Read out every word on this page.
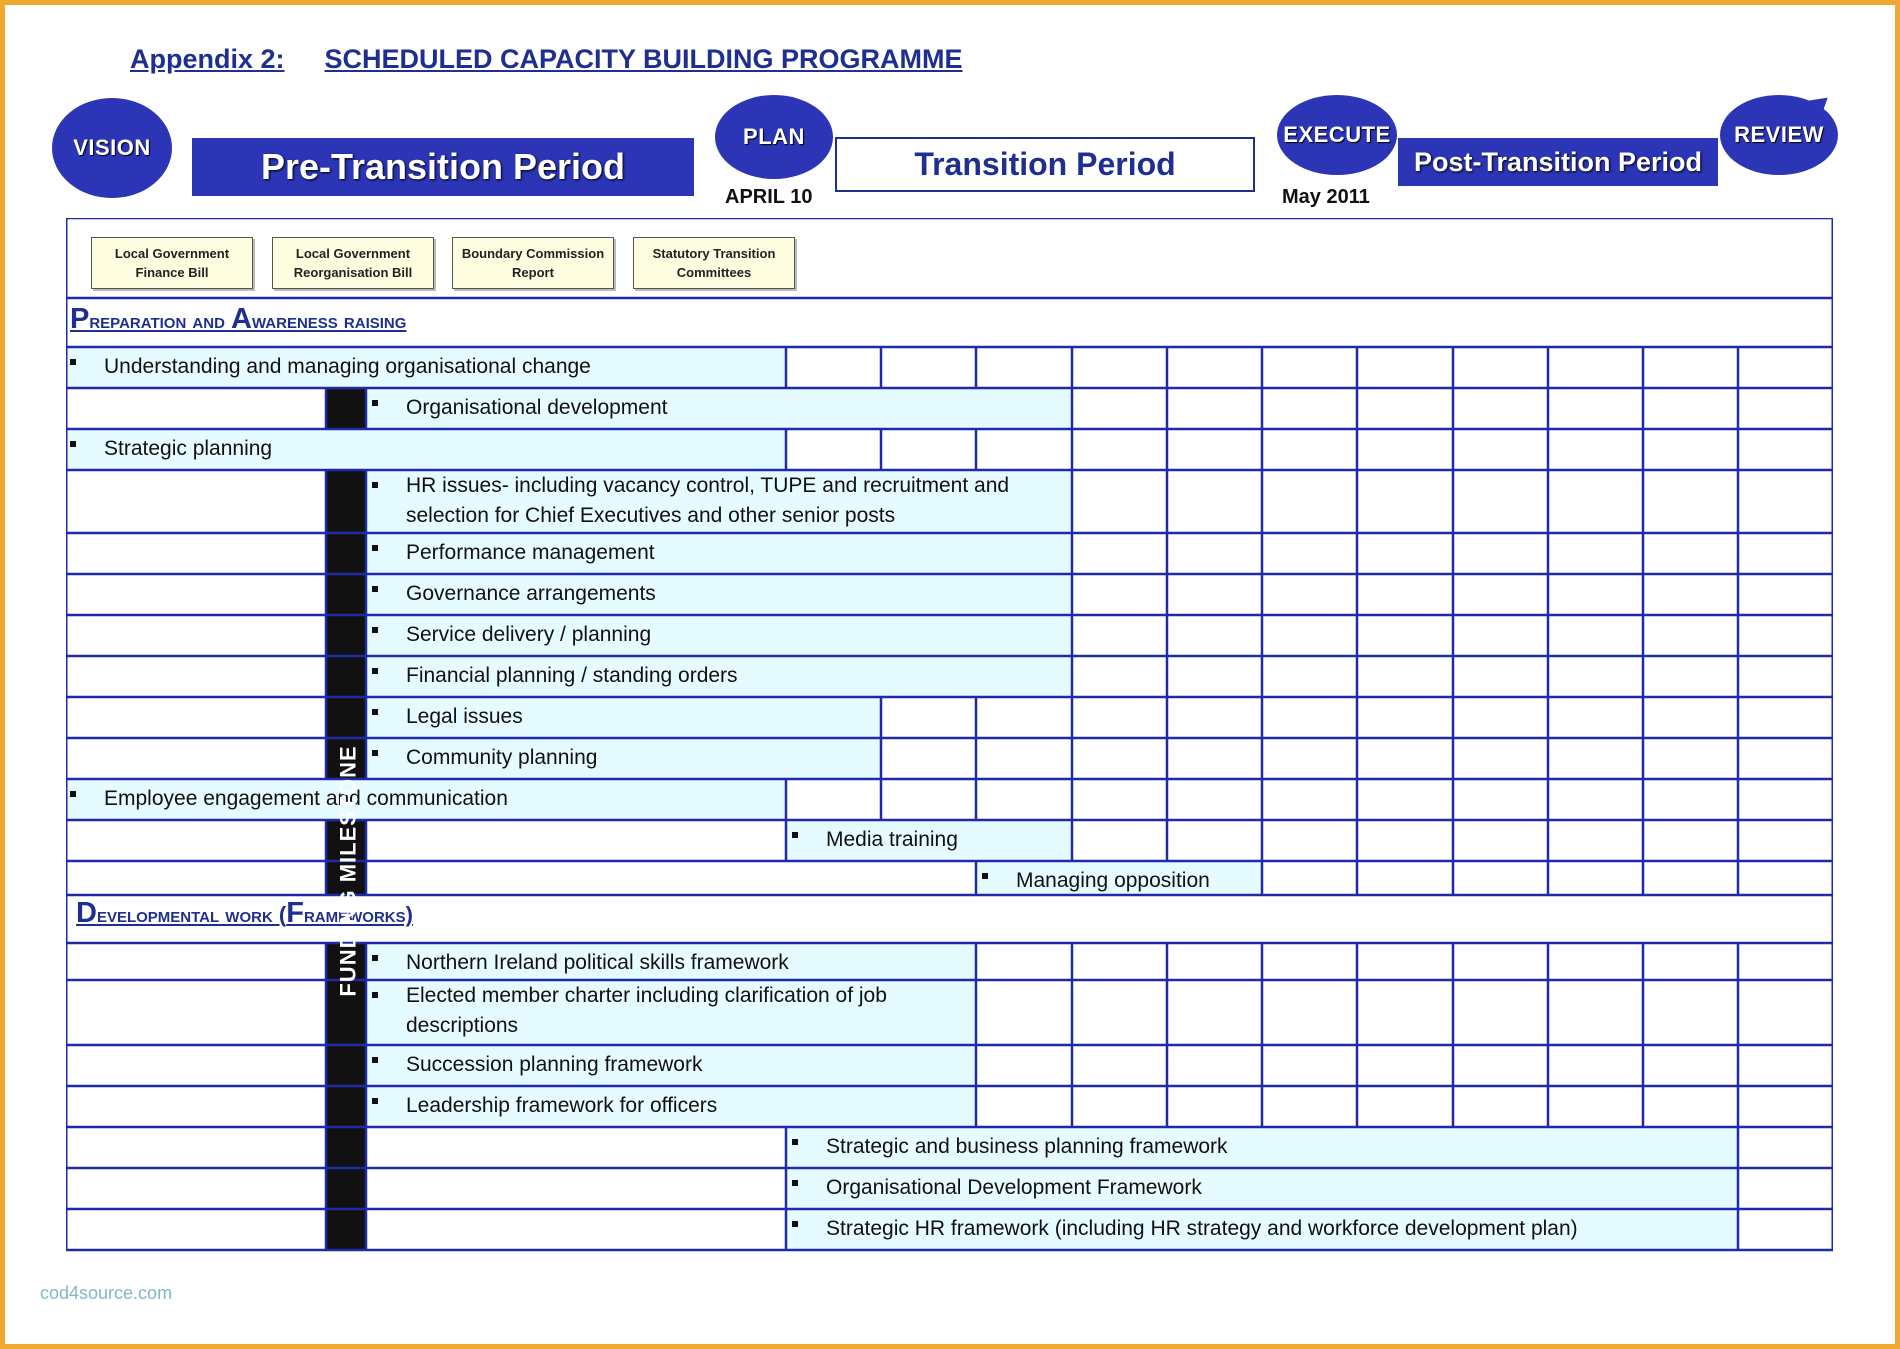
Appendix 2: SCHEDULED CAPACITY BUILDING PROGRAMME
VISION	Pre-Transition Period
PLAN
APRIL 10
Transition Period
EXECUTE
May 2011
Post-Transition Period
REVIEW
Local Government Finance Bill
Local Government Reorganisation Bill
Boundary Commission Report
Statutory Transition Committees
Preparation and Awareness raising
Developmental work (Frameworks)
Understanding and managing organisational change
Organisational development
Strategic planning
HR issues- including vacancy control, TUPE and recruitment and selection for Chief Executives and other senior posts
Performance management
Governance arrangements
Service delivery / planning
Financial planning / standing orders
Legal issues
Community planning
Employee engagement and communication
Media training
Managing opposition
Northern Ireland political skills framework
Elected member charter including clarification of job descriptions
Succession planning framework
Leadership framework for officers
Strategic and business planning framework
Organisational Development Framework
Strategic HR framework (including HR strategy and workforce development plan)
FUNDING MILESTONE
cod4source.com
